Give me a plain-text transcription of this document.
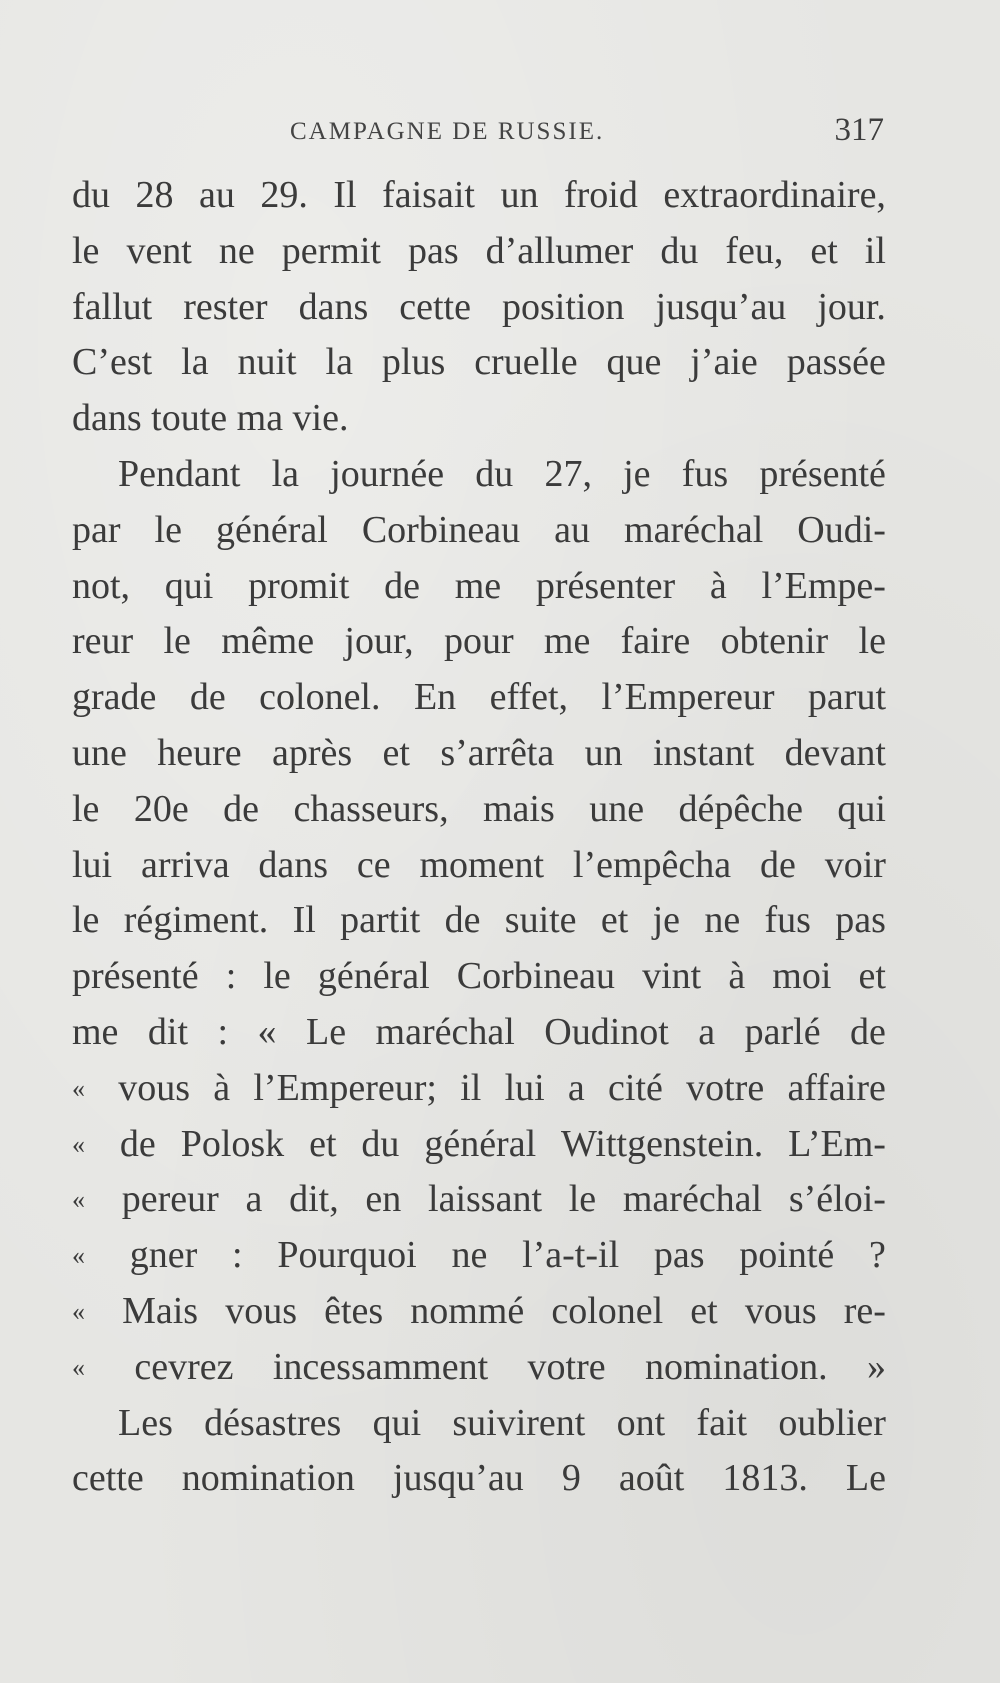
CAMPAGNE DE RUSSIE.	317
du 28 au 29. Il faisait un froid extraordinaire,
le vent ne permit pas d’allumer du feu, et il
fallut rester dans cette position jusqu’au jour.
C’est la nuit la plus cruelle que j’aie passée
dans toute ma vie.
Pendant la journée du 27, je fus présenté
par le général Corbineau au maréchal Oudi-
not, qui promit de me présenter à l’Empe-
reur le même jour, pour me faire obtenir le
grade de colonel. En effet, l’Empereur parut
une heure après et s’arrêta un instant devant
le 20e de chasseurs, mais une dépêche qui
lui arriva dans ce moment l’empêcha de voir
le régiment. Il partit de suite et je ne fus pas
présenté : le général Corbineau vint à moi et
me dit : « Le maréchal Oudinot a parlé de
« vous à l’Empereur; il lui a cité votre affaire
« de Polosk et du général Wittgenstein. L’Em-
« pereur a dit, en laissant le maréchal s’éloi-
« gner : Pourquoi ne l’a-t-il pas pointé ?
« Mais vous êtes nommé colonel et vous re-
« cevrez incessamment votre nomination. »
Les désastres qui suivirent ont fait oublier
cette nomination jusqu’au 9 août 1813. Le
